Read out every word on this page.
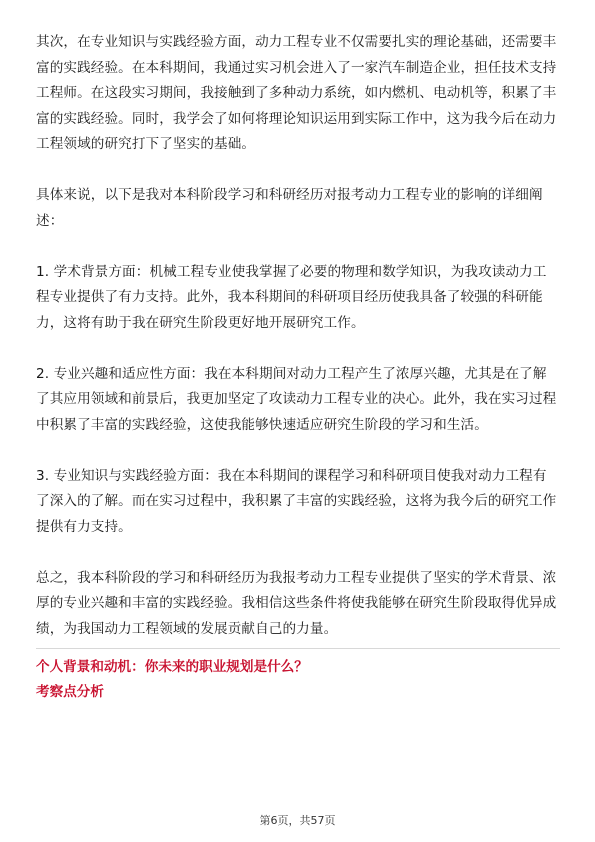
其次，在专业知识与实践经验方面，动力工程专业不仅需要扎实的理论基础，还需要丰富的实践经验。在本科期间，我通过实习机会进入了一家汽车制造企业，担任技术支持工程师。在这段实习期间，我接触到了多种动力系统，如内燃机、电动机等，积累了丰富的实践经验。同时，我学会了如何将理论知识运用到实际工作中，这为我今后在动力工程领域的研究打下了坚实的基础。

具体来说，以下是我对本科阶段学习和科研经历对报考动力工程专业的影响的详细阐述：

1. 学术背景方面：机械工程专业使我掌握了必要的物理和数学知识，为我攻读动力工程专业提供了有力支持。此外，我本科期间的科研项目经历使我具备了较强的科研能力，这将有助于我在研究生阶段更好地开展研究工作。

2. 专业兴趣和适应性方面：我在本科期间对动力工程产生了浓厚兴趣，尤其是在了解了其应用领域和前景后，我更加坚定了攻读动力工程专业的决心。此外，我在实习过程中积累了丰富的实践经验，这使我能够快速适应研究生阶段的学习和生活。

3. 专业知识与实践经验方面：我在本科期间的课程学习和科研项目使我对动力工程有了深入的了解。而在实习过程中，我积累了丰富的实践经验，这将为我今后的研究工作提供有力支持。

总之，我本科阶段的学习和科研经历为我报考动力工程专业提供了坚实的学术背景、浓厚的专业兴趣和丰富的实践经验。我相信这些条件将使我能够在研究生阶段取得优异成绩，为我国动力工程领域的发展贡献自己的力量。

个人背景和动机：你未来的职业规划是什么？

考察点分析

第6页，共57页
